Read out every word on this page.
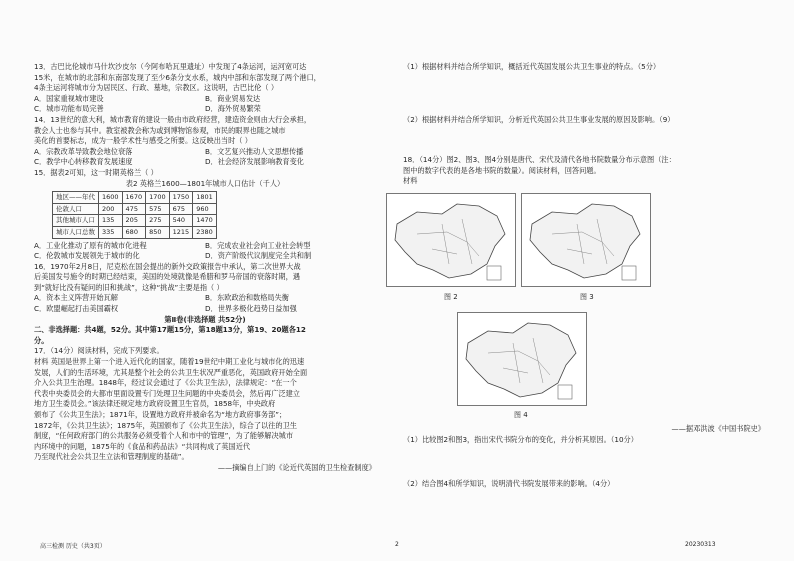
13．古巴比伦城市马什坎沙皮尔（今阿布哈瓦里遗址）中发现了4条运河，运河宽可达
15米，在城市的北部和东南部发现了至少6条分支水系，城内中部和东部发现了两个港口，
4条主运河将城市分为居民区、行政、墓地，宗教区。这说明，古巴比伦（ ）
A．国家重视城市建设	B．商业贸易发达
C．城市功能布局完善	D．海外贸易繁荣
14．13世纪的意大利，城市教育的建设一般由市政府经营，建造资金则由大行会承担，
教会人士也参与其中。教室被教会称为或到博物馆参观，市民的眼界也随之城市
美化的首要标志，成为一般学术性与感受之所要。这反映出当时（ ）
A．宗教改革导致教会地位衰落	B．文艺复兴推动人文思想传播
C．教学中心转移教育发展速度	D．社会经济发展影响教育变化
15．据表2可知，这一时期英格兰（ ）
表2 英格兰1600—1801年城市人口估计（千人）
地区——年代	1600	1670	1700	1750	1801
伦敦人口	200	475	575	675	960
其他城市人口	135	205	275	540	1470
城市人口总数	335	680	850	1215	2380
A．工业化推动了原有的城市化进程	B．完成农业社会向工业社会转型
C．伦敦城市发展领先于城市的化	D．资产阶级代议制度完全共和制
16．1970年2月8日，尼克松在国会提出的新外交政策报告中承认，第二次世界大战
后美国发号施令的时期已经结束，美国的处境就像是希腊和罗马帝国的衰落时期，遇
到“就好比没有疑问的旧和挑战”，这种“挑战”主要是指（ ）
A．资本主义阵营开始瓦解	B．东欧政治和数格局失衡
C．欧盟崛起打击美国霸权	D．世界多极化趋势日益加强
第Ⅱ卷(非选择题 共52分)
二、非选择题：共4题，52分。其中第17题15分，第18题13分，第19、20题各12
分。
17．（14分）阅读材料，完成下列要求。
材料 英国是世界上第一个进入近代化的国家，随着19世纪中期工业化与城市化的迅速
发展，人们的生活环境，尤其是整个社会的公共卫生状况严重恶化，英国政府开始全面
介入公共卫生治理。1848年，经过议会通过了《公共卫生法》，法律规定：“在一个
代表中央委员会的大都市里面设置专门处理卫生问题的中央委员会，然后再广泛建立
地方卫生委员会。”该法律还规定地方政府设置卫生官员，1858年，中央政府
颁布了《公共卫生法》；1871年，设置地方政府并被命名为“地方政府事务部”；
1872年，《公共卫生法》；1875年，英国颁布了《公共卫生法》，综合了以往的卫生
制度，“任何政府部门的公共服务必须受着个人和市中的管理”，为了能够解决城市
内环境中的问题，1875年的《食品和药品法》“共同构成了英国近代
乃至现代社会公共卫生立法和管理制度的基础”。
——摘编自上门的《论近代英国的卫生检查制度》
高三检测 历史（共3页）	2	20230313
（1）根据材料并结合所学知识，概括近代英国发展公共卫生事业的特点。（5分）
（2）根据材料并结合所学知识，分析近代英国公共卫生事业发展的原因及影响。（9）
18．（14分）图2、图3、图4分别是唐代、宋代及清代各地书院数量分布示意图（注：
图中的数字代表的是各地书院的数量）。阅读材料，回答问题。
材料
图 2	图 3
图 4
——据邓洪波《中国书院史》
（1）比较图2和图3，指出宋代书院分布的变化，并分析其原因。（10分）
（2）结合图4和所学知识，说明清代书院发展带来的影响。（4分）
